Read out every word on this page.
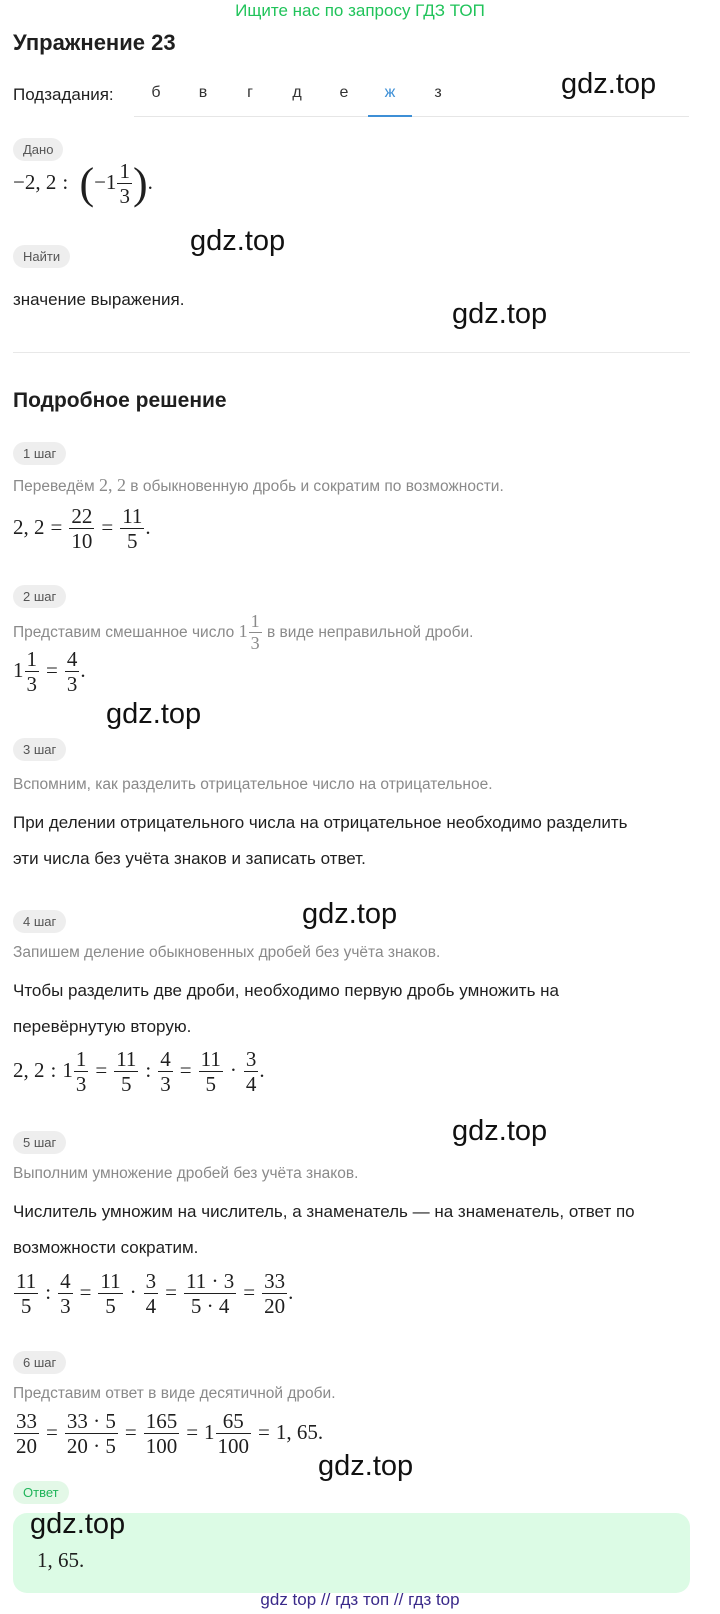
Ищите нас по запросу ГДЗ ТОП
Упражнение 23
Подзадания:	б	в	г	д	е	ж	з	gdz.top
Дано
−2, 2 : ($-1 \frac{1}{3}$ ).
gdz.top
Найти
значение выражения.	gdz.top
Подробное решение
1 шаг
Переведём 2, 2 в обыкновенную дробь и сократим по возможности.
2, $2 = \frac{22}{10} = \frac{11}{5}$ .
2 шаг
Представим смешанное число $1 \frac{1}{3}$ в виде неправильной дроби.
$1 \frac{1}{3} = \frac{4}{3}$ .
gdz.top
3 шаг
Вспомним, как разделить отрицательное число на отрицательное.
При делении отрицательного числа на отрицательное необходимо разделить
эти числа без учёта знаков и записать ответ.
gdz.top
4 шаг
Запишем деление обыкновенных дробей без учёта знаков.
Чтобы разделить две дроби, необходимо первую дробь умножить на
перевёрнутую вторую.
2, 2 : $1 \frac{1}{3} = \frac{11}{5}$ : $\frac{4}{3} = \frac{11}{5} \cdot \frac{3}{4}$ .
gdz.top
5 шаг
Выполним умножение дробей без учёта знаков.
Числитель умножим на числитель, а знаменатель — на знаменатель, ответ по
возможности сократим.
$\frac{11}{5}$ : $\frac{4}{3} = \frac{11}{5} \cdot \frac{3}{4} = \frac{11 \cdot 3}{5 \cdot 4} = \frac{33}{20}$ .
6 шаг
Представим ответ в виде десятичной дроби.
$\frac{33}{20} = \frac{33 \cdot 5}{20 \cdot 5} = \frac{165}{100} = 1 \frac{65}{100} = 1$, 65.
gdz.top
Ответ
gdz.top
1, 65.
gdz top // гдз топ // гдз top
